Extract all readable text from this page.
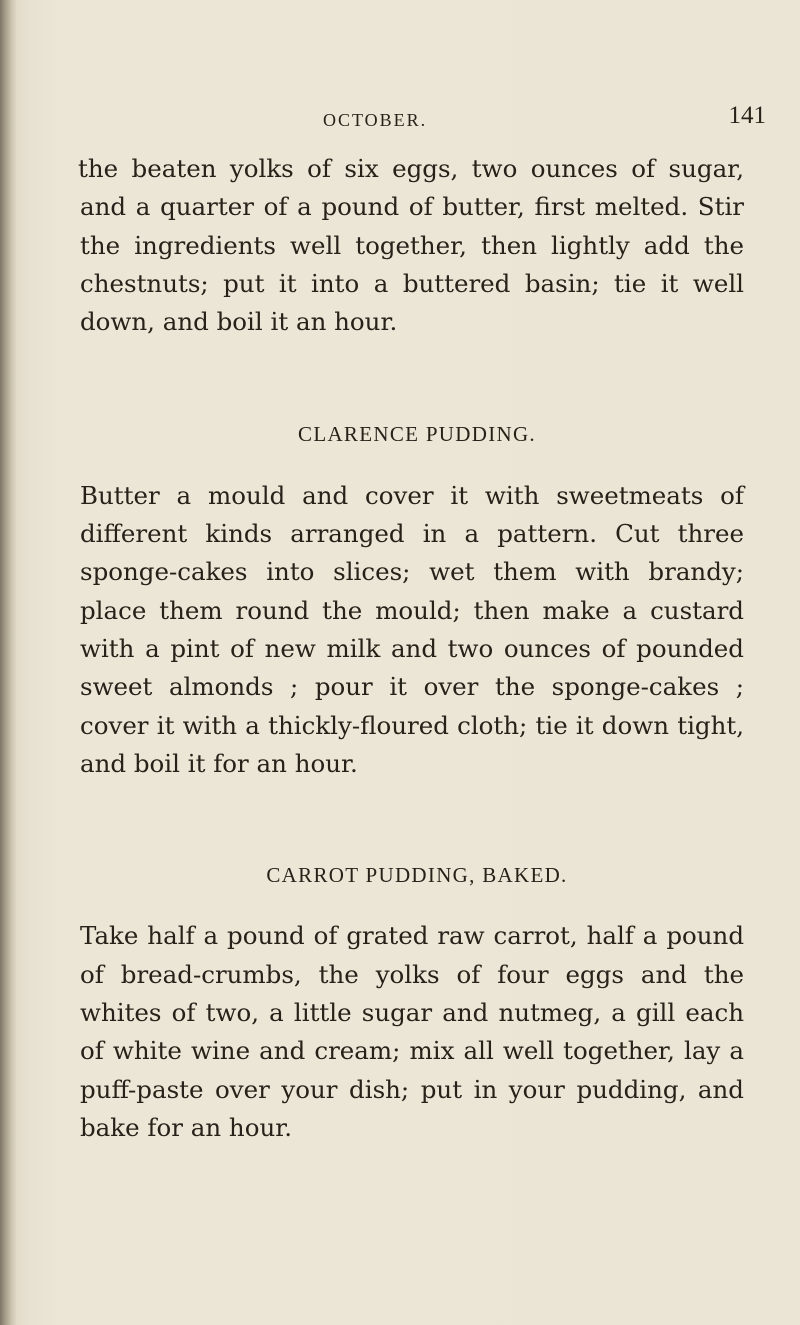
OCTOBER.	141

the beaten yolks of six eggs, two ounces of sugar, and a quarter of a pound of butter, first melted. Stir the ingredients well together, then lightly add the chestnuts; put it into a buttered basin; tie it well down, and boil it an hour.

CLARENCE PUDDING.

Butter a mould and cover it with sweetmeats of different kinds arranged in a pattern. Cut three sponge-cakes into slices; wet them with brandy; place them round the mould; then make a custard with a pint of new milk and two ounces of pounded sweet almonds ; pour it over the sponge-cakes ; cover it with a thickly-floured cloth; tie it down tight, and boil it for an hour.

CARROT PUDDING, BAKED.

Take half a pound of grated raw carrot, half a pound of bread-crumbs, the yolks of four eggs and the whites of two, a little sugar and nutmeg, a gill each of white wine and cream; mix all well together, lay a puff-paste over your dish; put in your pudding, and bake for an hour.
